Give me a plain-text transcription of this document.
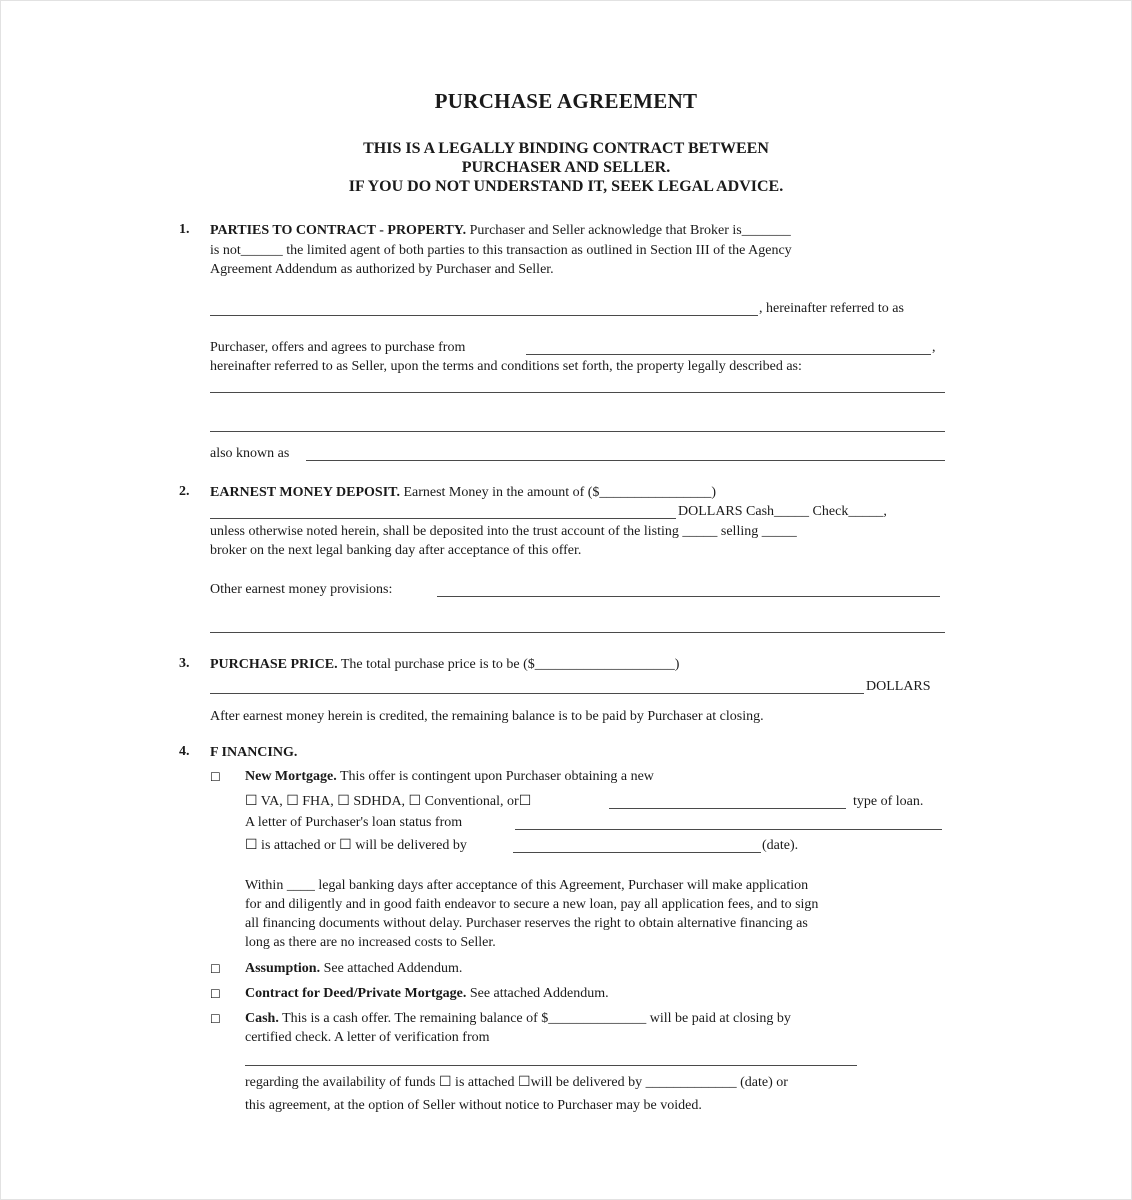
PURCHASE AGREEMENT
THIS IS A LEGALLY BINDING CONTRACT BETWEEN
PURCHASER AND SELLER.
IF YOU DO NOT UNDERSTAND IT, SEEK LEGAL ADVICE.
1. PARTIES TO CONTRACT - PROPERTY. Purchaser and Seller acknowledge that Broker is_______
is not______ the limited agent of both parties to this transaction as outlined in Section III of the Agency
Agreement Addendum as authorized by Purchaser and Seller.
, hereinafter referred to as
Purchaser, offers and agrees to purchase from	,
hereinafter referred to as Seller, upon the terms and conditions set forth, the property legally described as:
also known as
2. EARNEST MONEY DEPOSIT. Earnest Money in the amount of ($________________)
DOLLARS Cash_____ Check_____,
unless otherwise noted herein, shall be deposited into the trust account of the listing _____ selling _____
broker on the next legal banking day after acceptance of this offer.
Other earnest money provisions:
3. PURCHASE PRICE. The total purchase price is to be ($____________________)
DOLLARS
After earnest money herein is credited, the remaining balance is to be paid by Purchaser at closing.
4. F INANCING.
☐ New Mortgage. This offer is contingent upon Purchaser obtaining a new
☐ VA, ☐ FHA, ☐ SDHDA, ☐ Conventional, or☐	type of loan.
A letter of Purchaser's loan status from
☐ is attached or ☐ will be delivered by	(date).
Within ____ legal banking days after acceptance of this Agreement, Purchaser will make application
for and diligently and in good faith endeavor to secure a new loan, pay all application fees, and to sign
all financing documents without delay. Purchaser reserves the right to obtain alternative financing as
long as there are no increased costs to Seller.
☐ Assumption. See attached Addendum.
☐ Contract for Deed/Private Mortgage. See attached Addendum.
☐ Cash. This is a cash offer. The remaining balance of $______________ will be paid at closing by
certified check. A letter of verification from
regarding the availability of funds ☐ is attached ☐will be delivered by _____________ (date) or
this agreement, at the option of Seller without notice to Purchaser may be voided.
